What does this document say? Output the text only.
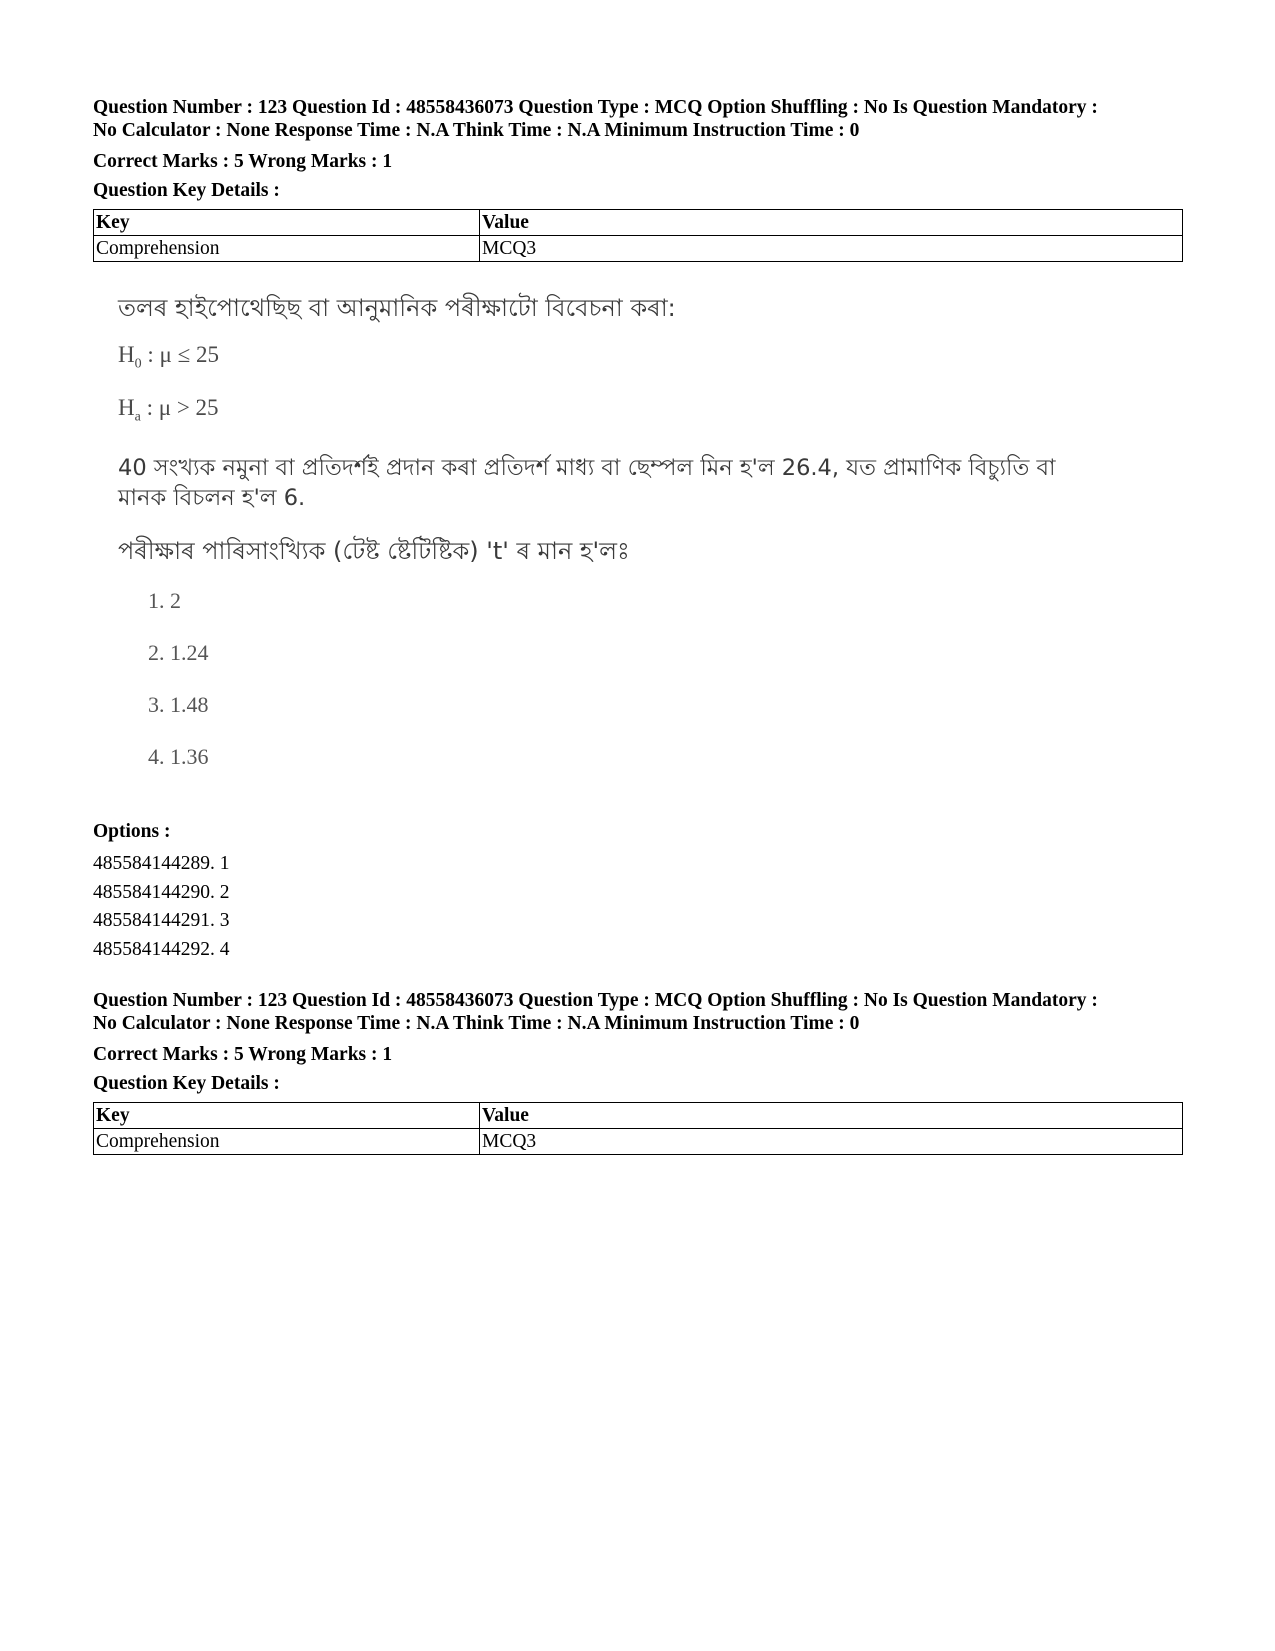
Question Number : 123 Question Id : 48558436073 Question Type : MCQ Option Shuffling : No Is Question Mandatory :

No Calculator : None Response Time : N.A Think Time : N.A Minimum Instruction Time : 0

Correct Marks : 5 Wrong Marks : 1

Question Key Details :

Key	Value
Comprehension	MCQ3
তলৰ হাইপোথেছিছ বা আনুমানিক পৰীক্ষাটো বিবেচনা কৰা:
$H_0$ : μ ≤ 25
$H_a$ : μ > 25
40 সংখ্যক নমুনা বা প্ৰতিদৰ্শই প্ৰদান কৰা প্ৰতিদৰ্শ মাধ্য বা ছেম্পল মিন হ'ল 26.4, যত প্ৰামাণিক বিচ্যুতি বা
মানক বিচলন হ'ল 6.
পৰীক্ষাৰ পাৰিসাংখ্যিক (টেষ্ট ষ্টেটিষ্টিক) 't' ৰ মান হ'লঃ
1. 2
2. 1.24
3. 1.48
4. 1.36

Options :

485584144289. 1
485584144290. 2
485584144291. 3
485584144292. 4

Question Number : 123 Question Id : 48558436073 Question Type : MCQ Option Shuffling : No Is Question Mandatory :

No Calculator : None Response Time : N.A Think Time : N.A Minimum Instruction Time : 0

Correct Marks : 5 Wrong Marks : 1

Question Key Details :

Key	Value
Comprehension	MCQ3
